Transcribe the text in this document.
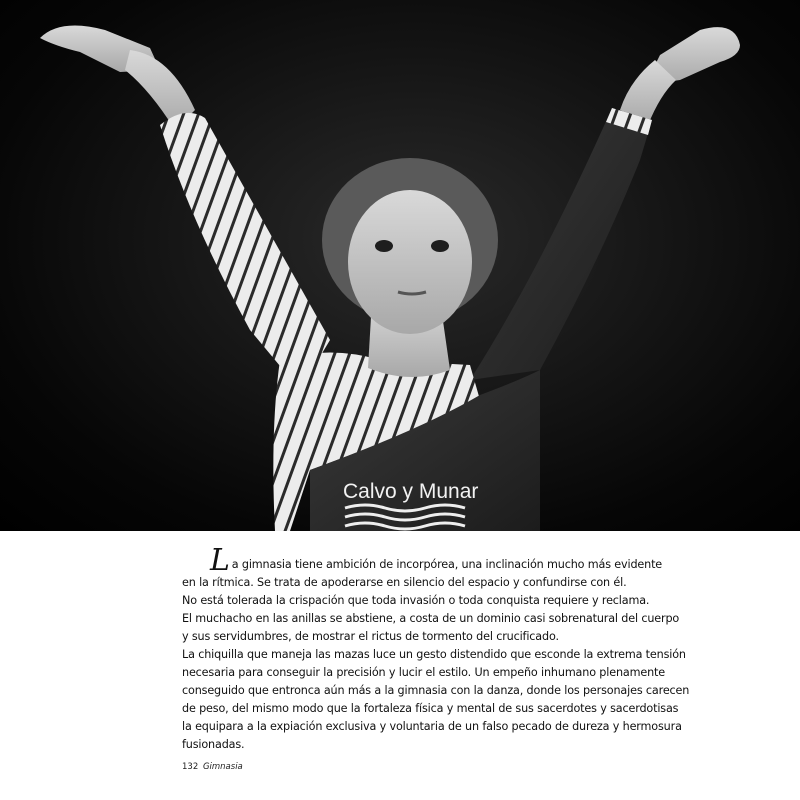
Calvo y Munar
L a gimnasia tiene ambición de incorpórea, una inclinación mucho más evidente
en la rítmica. Se trata de apoderarse en silencio del espacio y confundirse con él.
No está tolerada la crispación que toda invasión o toda conquista requiere y reclama.
El muchacho en las anillas se abstiene, a costa de un dominio casi sobrenatural del cuerpo
y sus servidumbres, de mostrar el rictus de tormento del crucificado.
La chiquilla que maneja las mazas luce un gesto distendido que esconde la extrema tensión
necesaria para conseguir la precisión y lucir el estilo. Un empeño inhumano plenamente
conseguido que entronca aún más a la gimnasia con la danza, donde los personajes carecen
de peso, del mismo modo que la fortaleza física y mental de sus sacerdotes y sacerdotisas
la equipara a la expiación exclusiva y voluntaria de un falso pecado de dureza y hermosura
fusionadas.
132 Gimnasia
